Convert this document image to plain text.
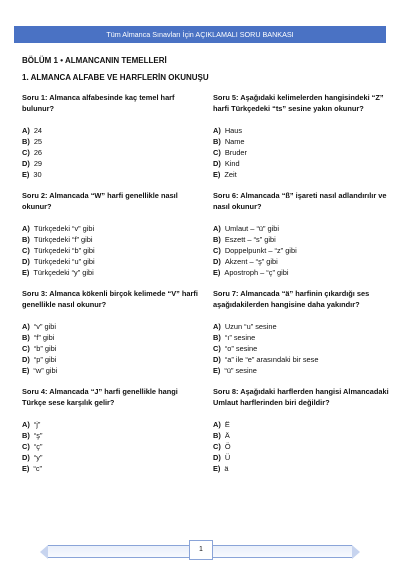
Tüm Almanca Sınavları İçin AÇIKLAMALI SORU BANKASI
BÖLÜM 1 • ALMANCANIN TEMELLERİ
1. ALMANCA ALFABE VE HARFLERİN OKUNUŞU
Soru 1: Almanca alfabesinde kaç temel harf bulunur?
A) 24
B) 25
C) 26
D) 29
E) 30
Soru 2: Almancada “W” harfi genellikle nasıl okunur?
A) Türkçedeki “v” gibi
B) Türkçedeki “f” gibi
C) Türkçedeki “b” gibi
D) Türkçedeki “u” gibi
E) Türkçedeki “y” gibi
Soru 3: Almanca kökenli birçok kelimede “V” harfi genellikle nasıl okunur?
A) “v” gibi
B) “f” gibi
C) “b” gibi
D) “p” gibi
E) “w” gibi
Soru 4: Almancada “J” harfi genellikle hangi Türkçe sese karşılık gelir?
A) “j”
B) “ş”
C) “ç”
D) “y”
E) “c”
Soru 5: Aşağıdaki kelimelerden hangisindeki “Z” harfi Türkçedeki “ts” sesine yakın okunur?
A) Haus
B) Name
C) Bruder
D) Kind
E) Zeit
Soru 6: Almancada “ß” işareti nasıl adlandırılır ve nasıl okunur?
A) Umlaut – “ü” gibi
B) Eszett – “s” gibi
C) Doppelpunkt – “z” gibi
D) Akzent – “ş” gibi
E) Apostroph – “ç” gibi
Soru 7: Almancada “ä” harfinin çıkardığı ses aşağıdakilerden hangisine daha yakındır?
A) Uzun “u” sesine
B) “ı” sesine
C) “o” sesine
D) “a” ile “e” arasındaki bir sese
E) “ü” sesine
Soru 8: Aşağıdaki harflerden hangisi Almancadaki Umlaut harflerinden biri değildir?
A) Ë
B) Ä
C) Ö
D) Ü
E) ä
1
